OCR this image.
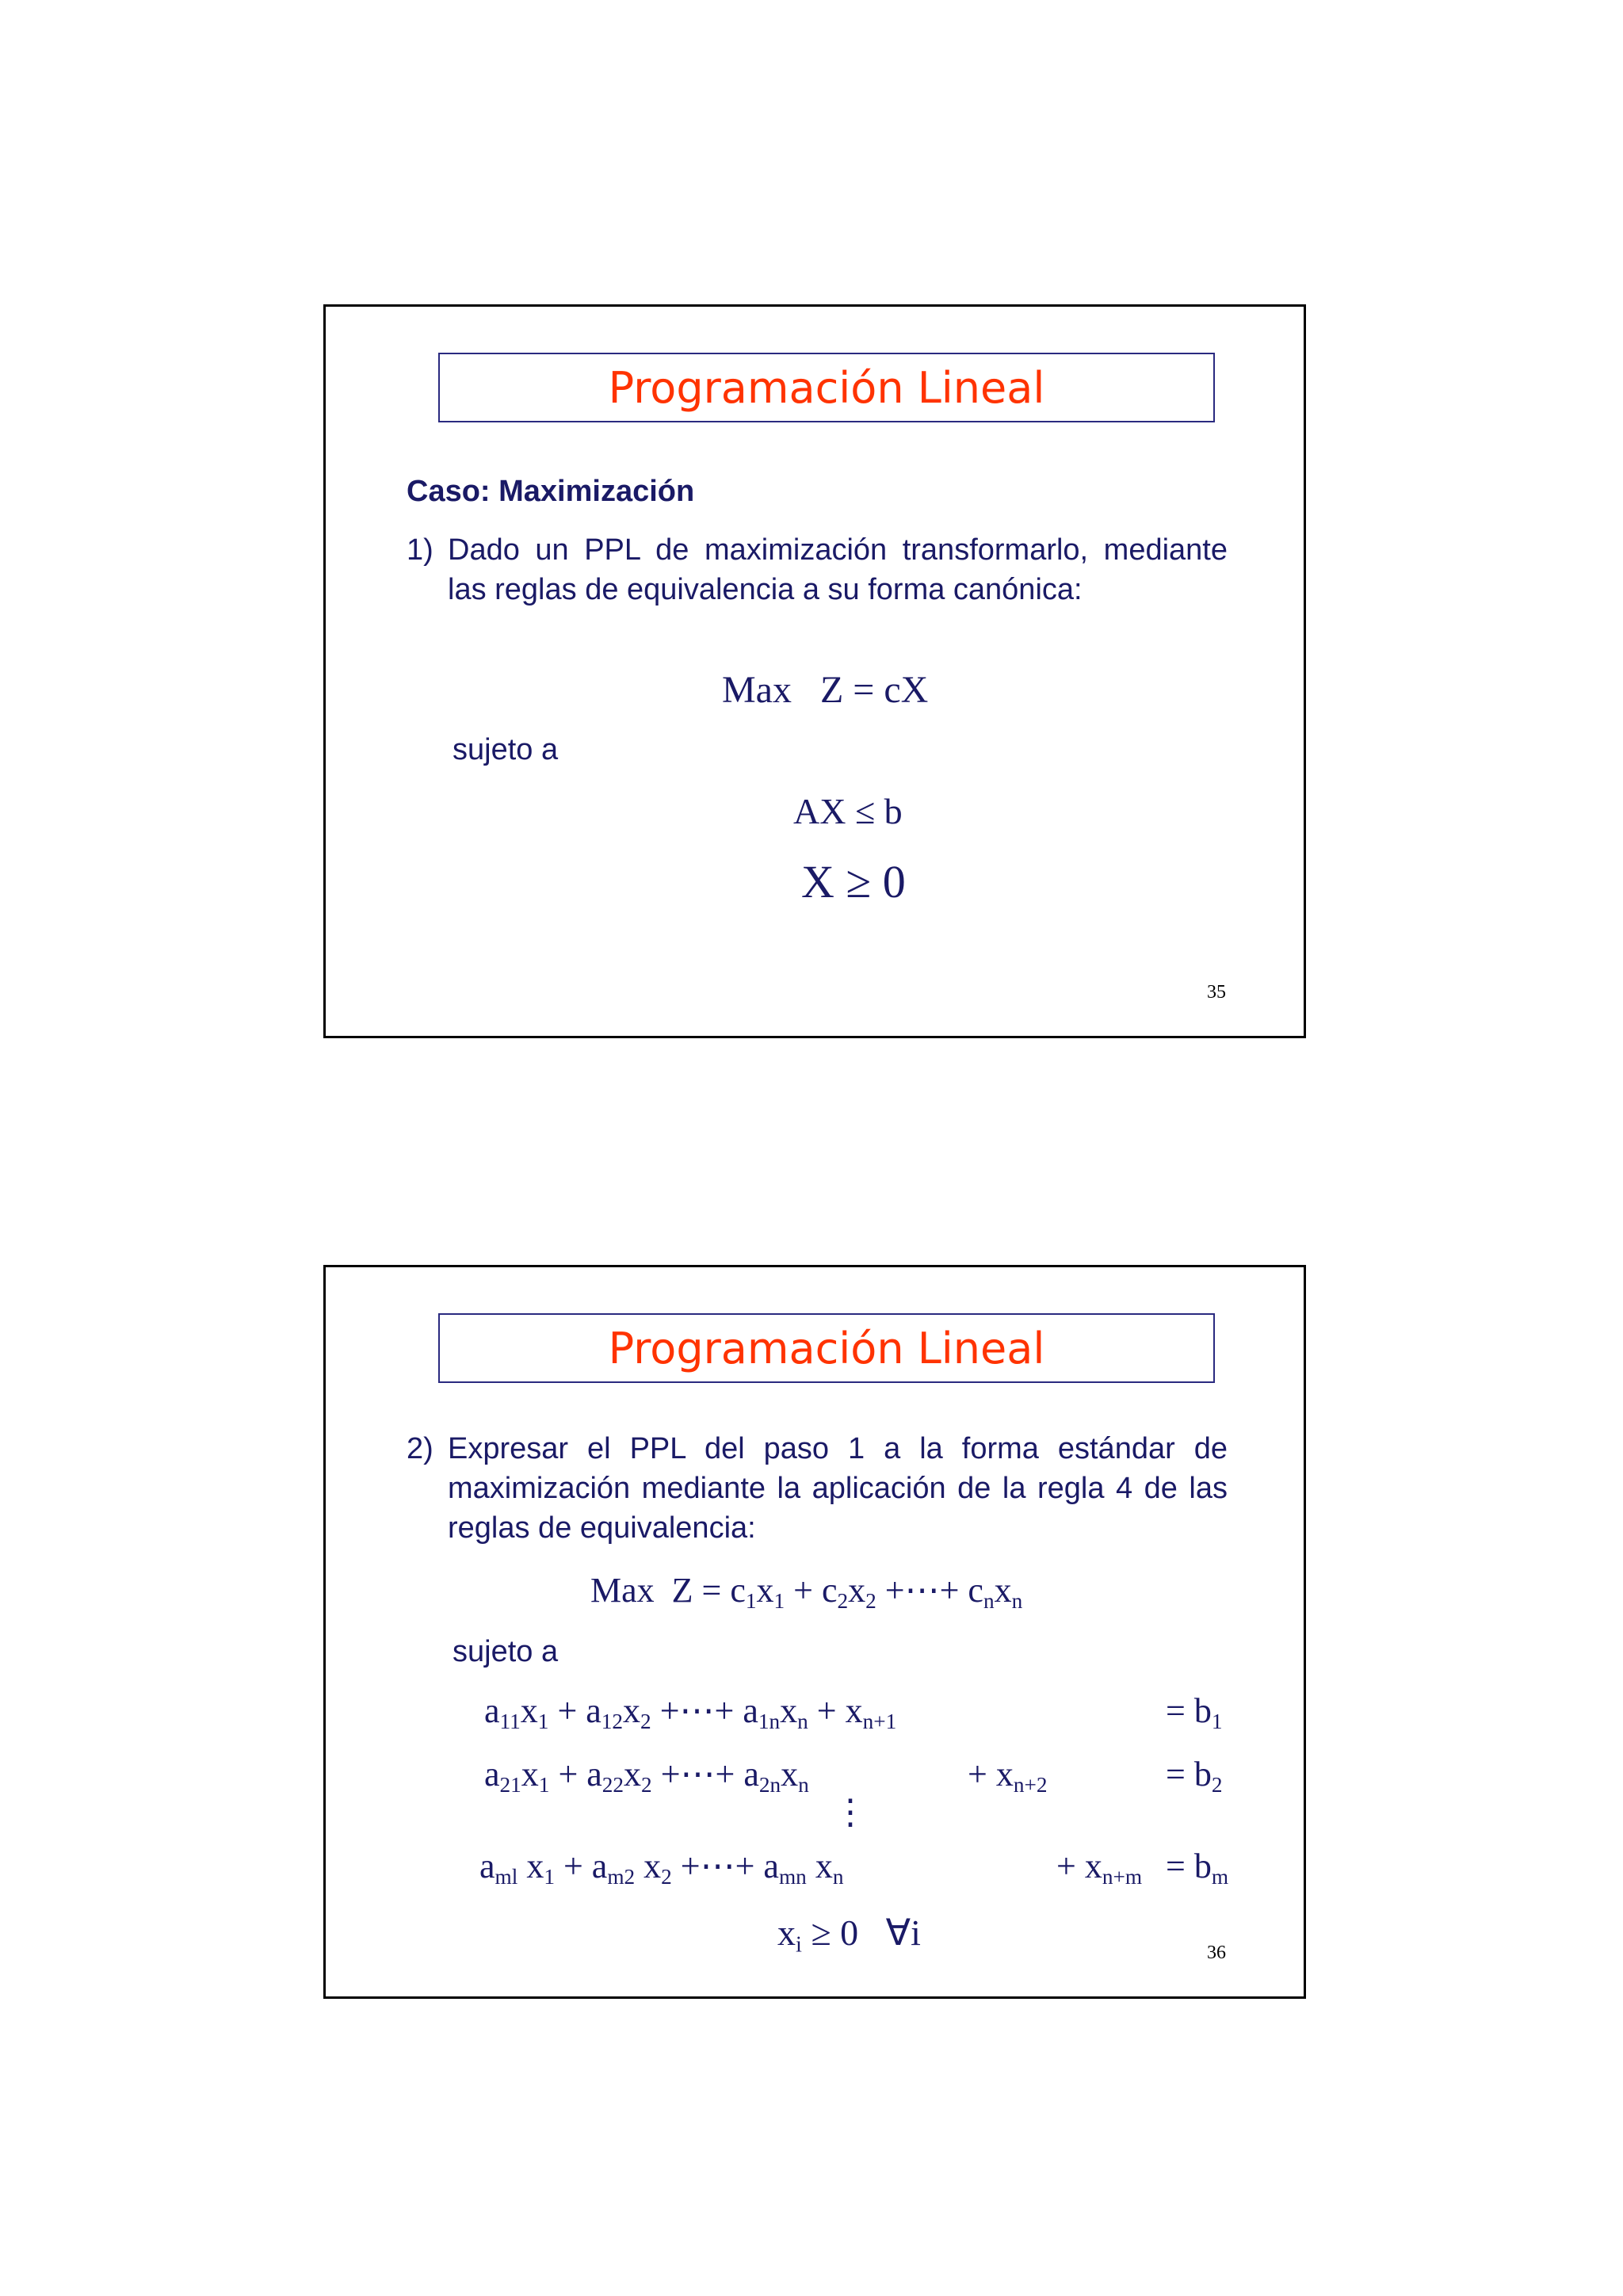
Programación Lineal
Caso: Maximización
1) Dado un PPL de maximización transformarlo, mediante las reglas de equivalencia a su forma canónica:
Max   Z = cX
sujeto a
AX ≤ b
X ≥ 0
35
Programación Lineal
2) Expresar el PPL del paso 1 a la forma estándar de maximización mediante la aplicación de la regla 4 de las reglas de equivalencia:
Max  $Z = c_1x_1 + c_2x_2$ +⋯+ $c_nx_n$
sujeto a
$a_{11}x_1 + a_{12}x_2$ +⋯+ $a_{1n}x_n + x_{n+1}$	= $b_1$
$a_{21}x_1 + a_{22}x_2$ +⋯+ $a_{2n}x_n$	+ $x_{n+2}$	= $b_2$
⋮
$a_{ml}$ $x_1 + a_{m2}$ $x_2$ +⋯+ $a_{mn}$ $x_n$	+ $x_{n+m} = b_m$
$x_i \ge 0$   ∀i	36
